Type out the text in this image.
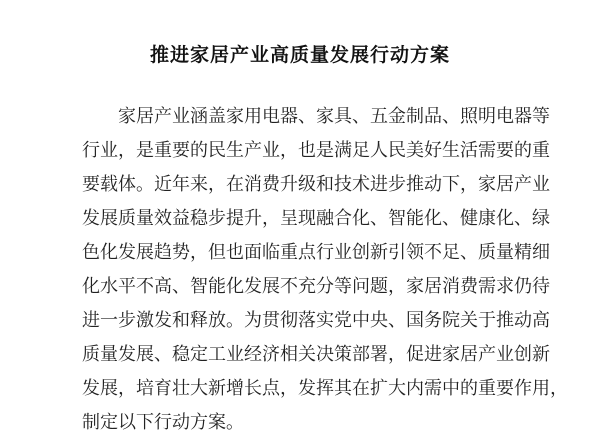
推进家居产业高质量发展行动方案
家居产业涵盖家用电器、家具、五金制品、照明电器等
行业，是重要的民生产业，也是满足人民美好生活需要的重
要载体。近年来，在消费升级和技术进步推动下，家居产业
发展质量效益稳步提升，呈现融合化、智能化、健康化、绿
色化发展趋势，但也面临重点行业创新引领不足、质量精细
化水平不高、智能化发展不充分等问题，家居消费需求仍待
进一步激发和释放。为贯彻落实党中央、国务院关于推动高
质量发展、稳定工业经济相关决策部署，促进家居产业创新
发展，培育壮大新增长点，发挥其在扩大内需中的重要作用，
制定以下行动方案。
